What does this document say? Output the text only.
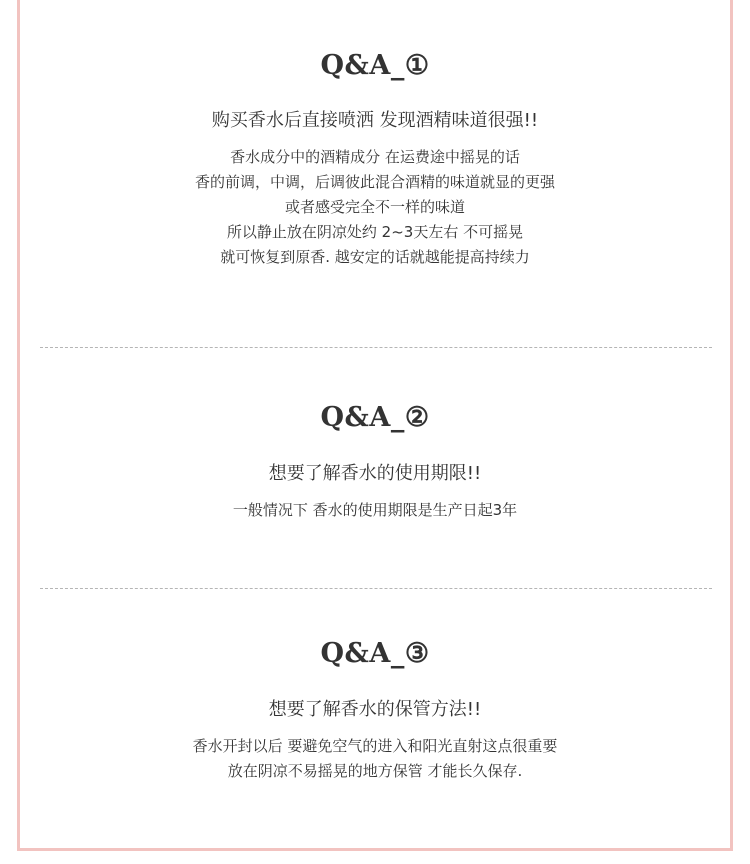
Q&A_①

购买香水后直接喷洒 发现酒精味道很强!!

香水成分中的酒精成分 在运费途中摇晃的话
香的前调，中调，后调彼此混合酒精的味道就显的更强
或者感受完全不一样的味道
所以静止放在阴凉处约 2~3天左右 不可摇晃
就可恢复到原香. 越安定的话就越能提高持续力
Q&A_②

想要了解香水的使用期限!!

一般情况下 香水的使用期限是生产日起3年
Q&A_③

想要了解香水的保管方法!!

香水开封以后 要避免空气的进入和阳光直射这点很重要
放在阴凉不易摇晃的地方保管 才能长久保存.
